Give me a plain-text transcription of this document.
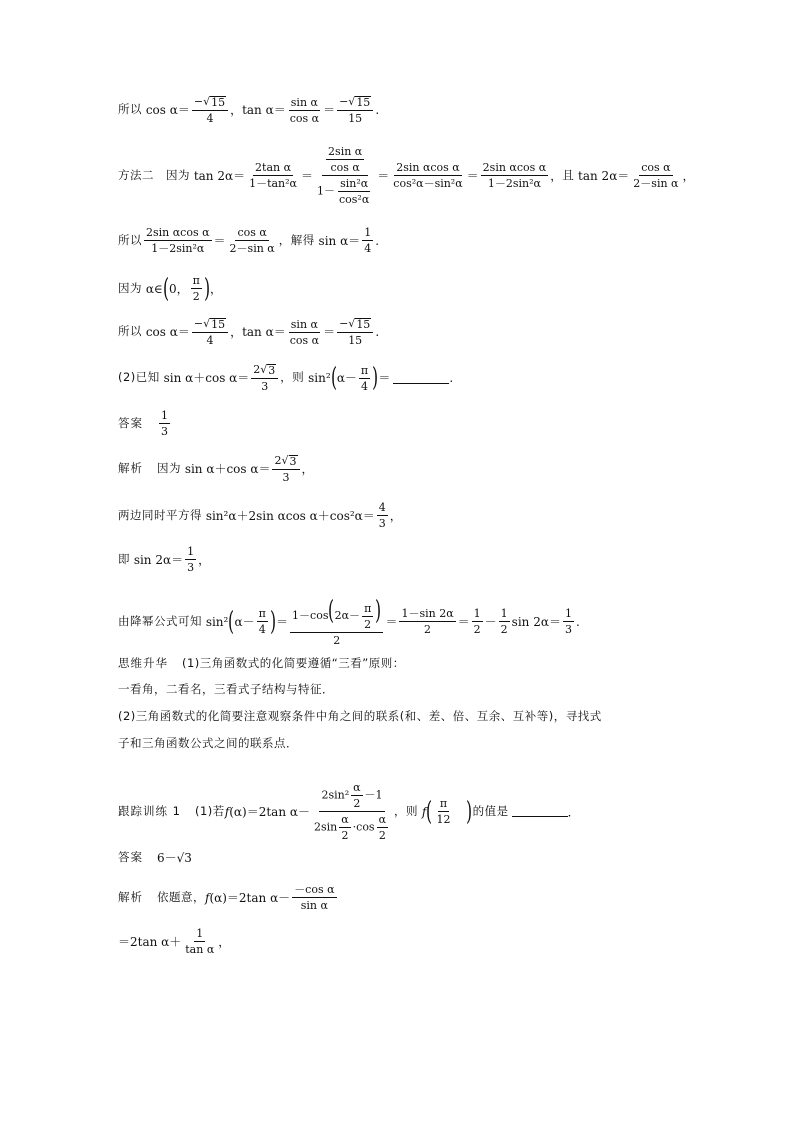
所以 $\cos \alpha= \frac{- √ 15}{4}$ ，$\tan \alpha= \frac{\text{sin α}}{\text{cos α}} = \frac{- √ 15}{15}$ .
方法二 因为 $\tan 2\alpha= \frac{\text{2tan α}}{\text{1－tan²α}} = \frac{\frac{\text{2sin α}}{\text{cos α}}}{1- \frac{\text{sin²α}}{\text{cos²α}}} = \frac{\text{2sin αcos α}}{\text{cos²α－sin²α}} = \frac{\text{2sin αcos α}}{\text{1－2sin²α}}$ ， 且 $\tan 2\alpha= \frac{\text{cos α}}{\text{2－sin α}}$ ，
所以 $\frac{\text{2sin αcos α}}{\text{1－2sin²α}} = \frac{\text{cos α}}{\text{2－sin α}}$ ，解得 $\sin \alpha= \frac{1}{4}$ .
因为 α∈ ( 0， $\frac{\pi}{2}$ ) ，
所以 $\cos \alpha= \frac{- √ 15}{4}$ ，$\tan \alpha= \frac{\text{sin α}}{\text{cos α}} = \frac{- √ 15}{15}$ .
(2)已知 sin α＋cos $\alpha= \frac{2 √ 3}{3}$ ，则 sin² ( $\alpha- \frac{\pi}{4}$ ) ＝	.
答案 $\frac{1}{3}$
解析 因为 sin α＋cos $\alpha= \frac{2 √ 3}{3}$ ，
两边同时平方得 sin²α＋2sin αcos $\alpha+\cos^2\alpha= \frac{4}{3}$ ，
即 $\sin 2\alpha= \frac{1}{3}$ ，
由降幂公式可知 sin² ( $\alpha- \frac{\pi}{4}$ ) ＝ $\frac{1-\cos(2\alpha- \frac{\pi}{2} )}{2} = \frac{1-\sin 2\alpha}{2} = \frac{1}{2} - \frac{1}{2}$ $\sin 2\alpha= \frac{1}{3}$ .
思维升华 (1)三角函数式的化简要遵循“三看”原则：
一看角，二看名，三看式子结构与特征．
(2)三角函数式的化简要注意观察条件中角之间的联系(和、差、倍、互余、互补等)，寻找式
子和三角函数公式之间的联系点．
跟踪训练 1 (1)若 f(α)＝2tan $\alpha- \frac{2\sin^2 \frac{\alpha}{2} -1}{2\sin \frac{\alpha}{2} \cdot\cos \frac{\alpha}{2}}$ ，则 f ( $\frac{\pi}{12}$ ) 的值是	．
答案 6－√3
解析 依题意， f(α)＝2tan $\alpha- \frac{\text{－cos α}}{\text{sin α}}$
＝2tan $\alpha+ \frac{1}{\text{tan α}}$ ，
